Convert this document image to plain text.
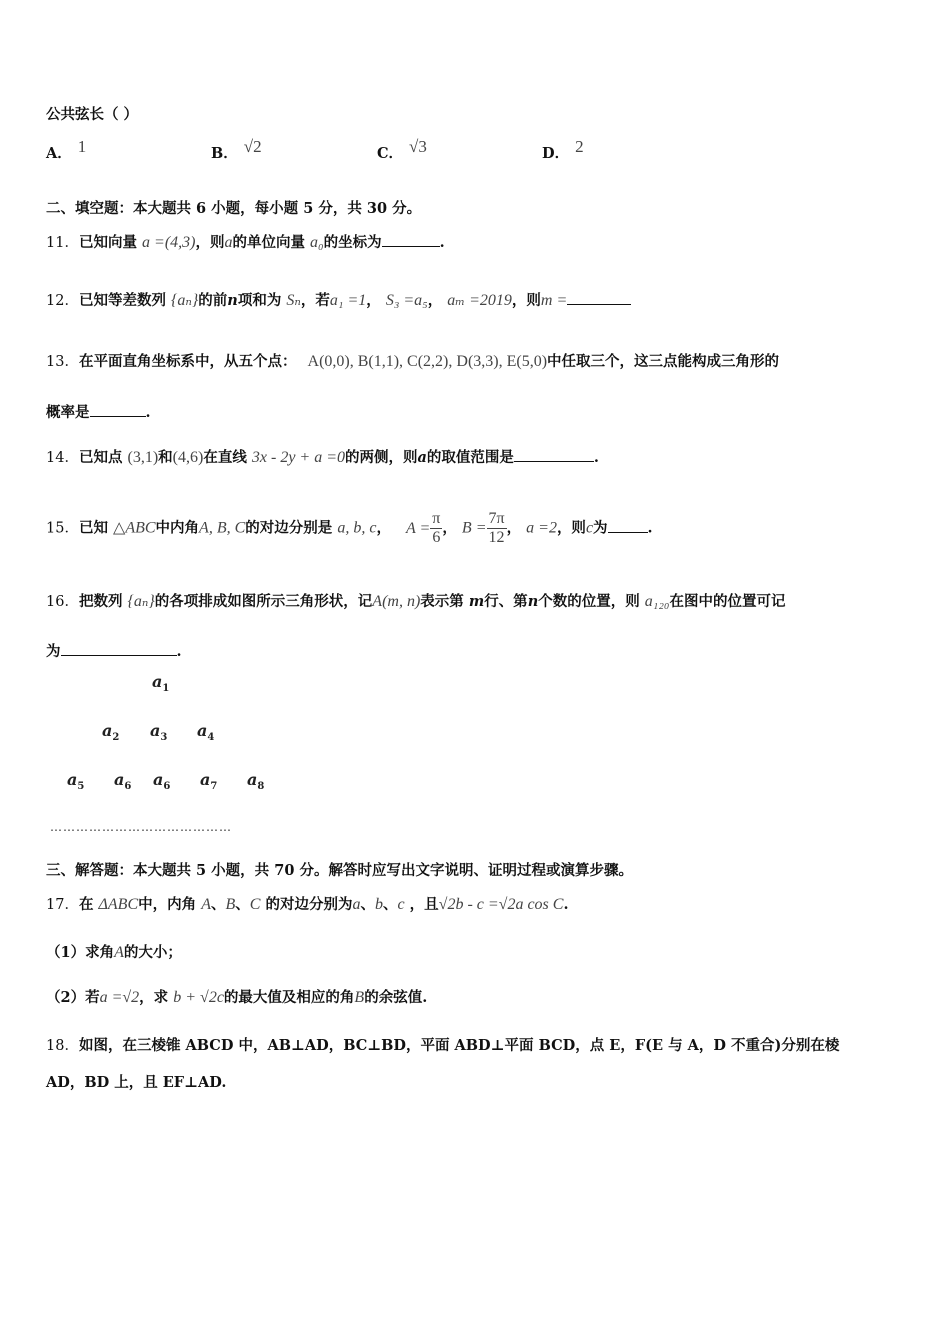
公共弦长（ ）
A． 1	B． √2	C． √3	D． 2
二、填空题：本大题共 6 小题，每小题 5 分，共 30 分。
11．已知向量 a =(4,3)，则a的单位向量 a₀的坐标为	.
12．已知等差数列 {aₙ}的前n项和为 Sₙ，若a₁ =1， S₃ =a₅， aₘ =2019，则m =
13．在平面直角坐标系中，从五个点： A(0,0), B(1,1), C(2,2), D(3,3), E(5,0)中任取三个，这三点能构成三角形的
概率是	.
14．已知点 (3,1)和(4,6)在直线 3x - 2y + a =0的两侧，则a的取值范围是	.
15．已知 △ABC中内角A, B, C的对边分别是 a, b, c， $A = \frac{\pi}{6}$ ， $B = \frac{7\pi}{12}$ ， a =2，则c为	.
16．把数列 {aₙ}的各项排成如图所示三角形状，记A(m, n)表示第 m行、第n个数的位置，则 a₁₂₀在图中的位置可记
为	.
$a_1$
$a_2$ $a_3$ $a_4$
$a_5$ $a_6$ $a_6$ $a_7$ $a_8$
……………………………………
三、解答题：本大题共 5 小题，共 70 分。解答时应写出文字说明、证明过程或演算步骤。
17．在 ΔABC中，内角 A、B、C 的对边分别为a、b、c ，且√2b - c =√2a cos C.
（1）求角A的大小；
（2）若a =√2，求 b + √2c的最大值及相应的角B的余弦值.
18．如图，在三棱锥 ABCD 中，AB⊥AD，BC⊥BD，平面 ABD⊥平面 BCD，点 E，F(E 与 A，D 不重合)分别在棱
AD，BD 上，且 EF⊥AD.
